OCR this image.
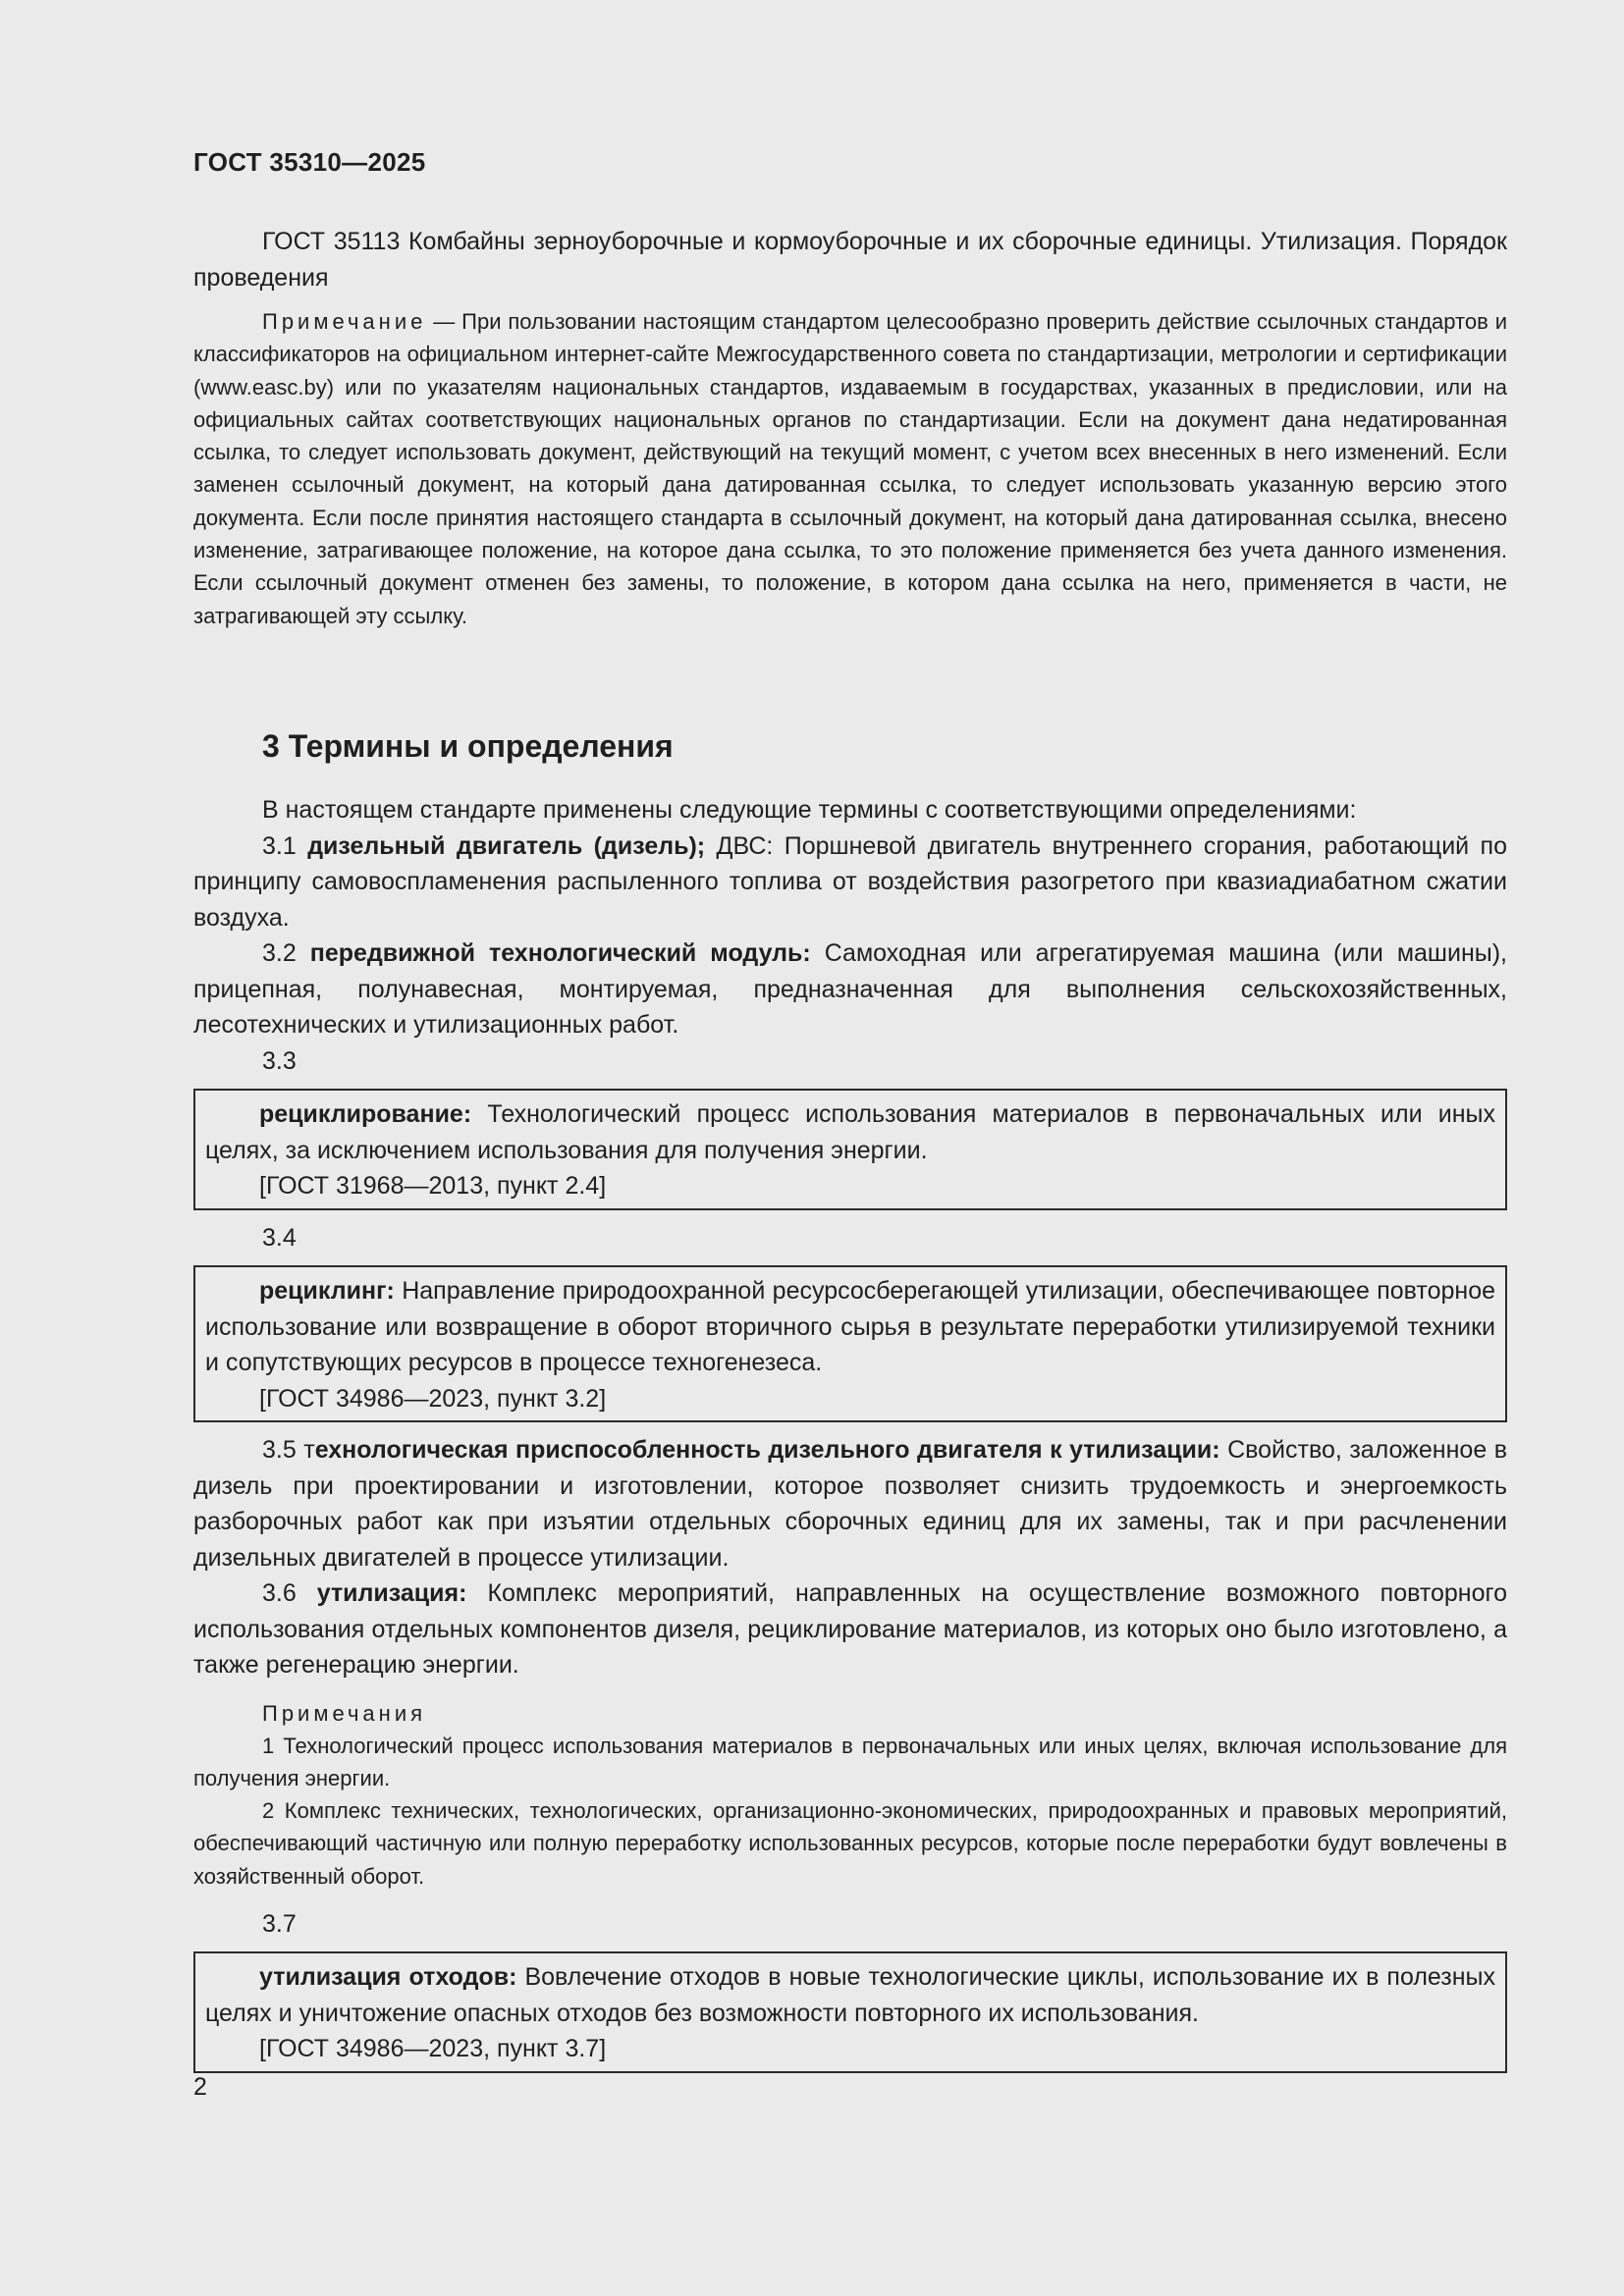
ГОСТ 35310—2025

ГОСТ 35113 Комбайны зерноуборочные и кормоуборочные и их сборочные единицы. Утилизация. Порядок проведения

Примечание — При пользовании настоящим стандартом целесообразно проверить действие ссылочных стандартов и классификаторов на официальном интернет-сайте Межгосударственного совета по стандартизации, метрологии и сертификации (www.easc.by) или по указателям национальных стандартов, издаваемым в государствах, указанных в предисловии, или на официальных сайтах соответствующих национальных органов по стандартизации. Если на документ дана недатированная ссылка, то следует использовать документ, действующий на текущий момент, с учетом всех внесенных в него изменений. Если заменен ссылочный документ, на который дана датированная ссылка, то следует использовать указанную версию этого документа. Если после принятия настоящего стандарта в ссылочный документ, на который дана датированная ссылка, внесено изменение, затрагивающее положение, на которое дана ссылка, то это положение применяется без учета данного изменения. Если ссылочный документ отменен без замены, то положение, в котором дана ссылка на него, применяется в части, не затрагивающей эту ссылку.

3 Термины и определения

В настоящем стандарте применены следующие термины с соответствующими определениями:

3.1 дизельный двигатель (дизель); ДВС: Поршневой двигатель внутреннего сгорания, работающий по принципу самовоспламенения распыленного топлива от воздействия разогретого при квазиадиабатном сжатии воздуха.

3.2 передвижной технологический модуль: Самоходная или агрегатируемая машина (или машины), прицепная, полунавесная, монтируемая, предназначенная для выполнения сельскохозяйственных, лесотехнических и утилизационных работ.

3.3

рециклирование: Технологический процесс использования материалов в первоначальных или иных целях, за исключением использования для получения энергии.

[ГОСТ 31968—2013, пункт 2.4]

3.4

рециклинг: Направление природоохранной ресурсосберегающей утилизации, обеспечивающее повторное использование или возвращение в оборот вторичного сырья в результате переработки утилизируемой техники и сопутствующих ресурсов в процессе техногенезеса.

[ГОСТ 34986—2023, пункт 3.2]

3.5 технологическая приспособленность дизельного двигателя к утилизации: Свойство, заложенное в дизель при проектировании и изготовлении, которое позволяет снизить трудоемкость и энергоемкость разборочных работ как при изъятии отдельных сборочных единиц для их замены, так и при расчленении дизельных двигателей в процессе утилизации.

3.6 утилизация: Комплекс мероприятий, направленных на осуществление возможного повторного использования отдельных компонентов дизеля, рециклирование материалов, из которых оно было изготовлено, а также регенерацию энергии.

Примечания

1 Технологический процесс использования материалов в первоначальных или иных целях, включая использование для получения энергии.

2 Комплекс технических, технологических, организационно-экономических, природоохранных и правовых мероприятий, обеспечивающий частичную или полную переработку использованных ресурсов, которые после переработки будут вовлечены в хозяйственный оборот.

3.7

утилизация отходов: Вовлечение отходов в новые технологические циклы, использование их в полезных целях и уничтожение опасных отходов без возможности повторного их использования.

[ГОСТ 34986—2023, пункт 3.7]

2
